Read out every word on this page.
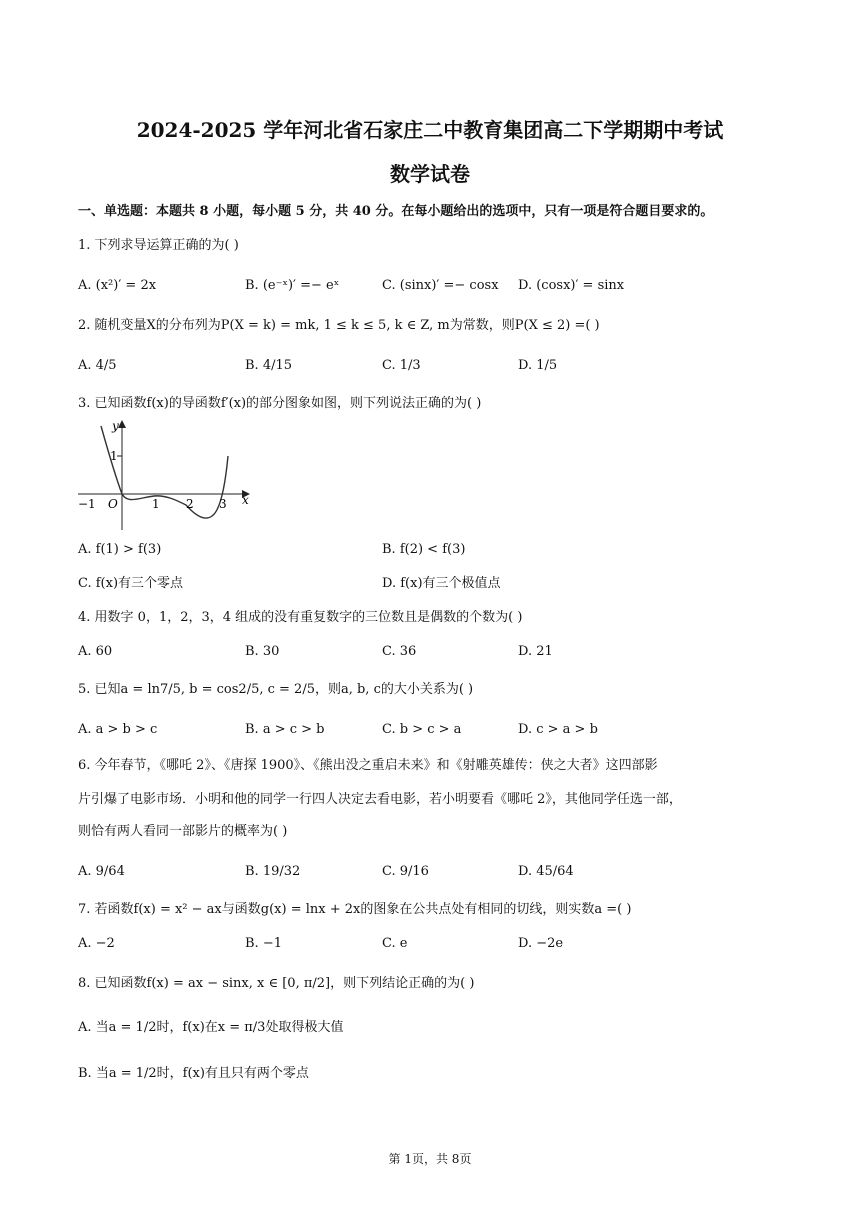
2024-2025 学年河北省石家庄二中教育集团高二下学期期中考试
数学试卷
一、单选题：本题共 8 小题，每小题 5 分，共 40 分。在每小题给出的选项中，只有一项是符合题目要求的。
1. 下列求导运算正确的为( )
A. (x²)′ = 2x	B. (e⁻ˣ)′ =− eˣ	C. (sinx)′ =− cosx D. (cosx)′ = sinx
2. 随机变量X的分布列为P(X = k) = mk, 1 ≤ k ≤ 5, k ∈ Z, m为常数，则P(X ≤ 2) =( )
A. 4/5	B. 4/15	C. 1/3	D. 1/5
3. 已知函数f(x)的导函数f′(x)的部分图象如图，则下列说法正确的为( )
y
x
O
−1	1 2 3
1
A. f(1) > f(3)	B. f(2) < f(3)
C. f(x)有三个零点	D. f(x)有三个极值点
4. 用数字 0，1，2，3，4 组成的没有重复数字的三位数且是偶数的个数为( )
A. 60	B. 30	C. 36	D. 21
5. 已知a = ln7/5, b = cos2/5, c = 2/5，则a, b, c的大小关系为( )
A. a > b > c	B. a > c > b	C. b > c > a	D. c > a > b
6. 今年春节，《哪吒 2》、《唐探 1900》、《熊出没之重启未来》和《射雕英雄传：侠之大者》这四部影
片引爆了电影市场．小明和他的同学一行四人决定去看电影，若小明要看《哪吒 2》，其他同学任选一部，
则恰有两人看同一部影片的概率为( )
A. 9/64	B. 19/32	C. 9/16	D. 45/64
7. 若函数f(x) = x² − ax与函数g(x) = lnx + 2x的图象在公共点处有相同的切线，则实数a =( )
A. −2	B. −1	C. e	D. −2e
8. 已知函数f(x) = ax − sinx, x ∈ [0, π/2]，则下列结论正确的为( )
A. 当a = 1/2时，f(x)在x = π/3处取得极大值
B. 当a = 1/2时，f(x)有且只有两个零点
第 1页，共 8页
